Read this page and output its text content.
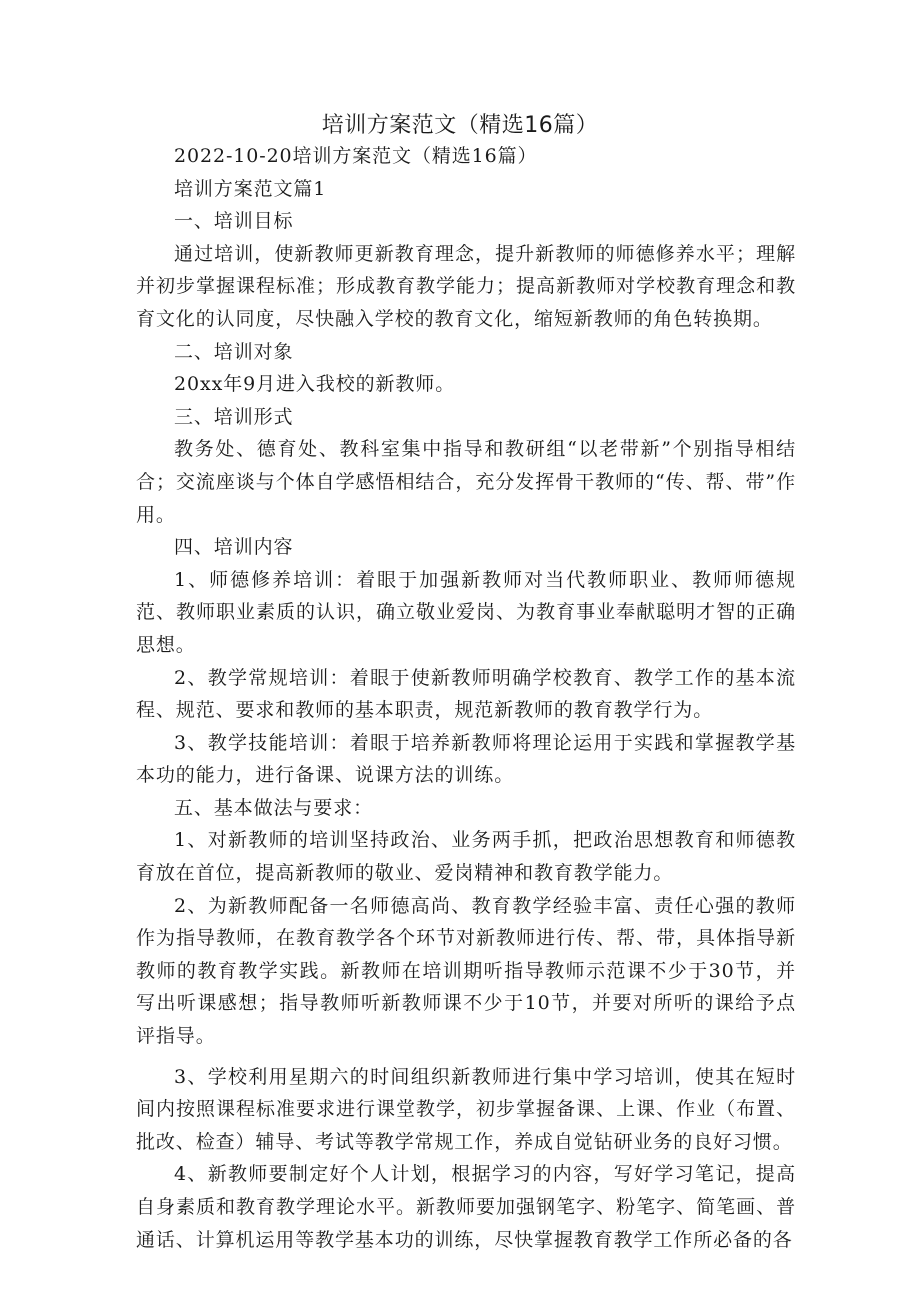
培训方案范文（精选16篇）

2022-10-20培训方案范文（精选16篇）

培训方案范文篇1

一、培训目标

通过培训，使新教师更新教育理念，提升新教师的师德修养水平；理解并初步掌握课程标准；形成教育教学能力；提高新教师对学校教育理念和教育文化的认同度，尽快融入学校的教育文化，缩短新教师的角色转换期。

二、培训对象

20xx年9月进入我校的新教师。

三、培训形式

教务处、德育处、教科室集中指导和教研组“以老带新”个别指导相结合；交流座谈与个体自学感悟相结合，充分发挥骨干教师的“传、帮、带”作用。

四、培训内容

1、师德修养培训：着眼于加强新教师对当代教师职业、教师师德规范、教师职业素质的认识，确立敬业爱岗、为教育事业奉献聪明才智的正确思想。

2、教学常规培训：着眼于使新教师明确学校教育、教学工作的基本流程、规范、要求和教师的基本职责，规范新教师的教育教学行为。

3、教学技能培训：着眼于培养新教师将理论运用于实践和掌握教学基本功的能力，进行备课、说课方法的训练。

五、基本做法与要求：

1、对新教师的培训坚持政治、业务两手抓，把政治思想教育和师德教育放在首位，提高新教师的敬业、爱岗精神和教育教学能力。

2、为新教师配备一名师德高尚、教育教学经验丰富、责任心强的教师作为指导教师，在教育教学各个环节对新教师进行传、帮、带，具体指导新教师的教育教学实践。新教师在培训期听指导教师示范课不少于30节，并写出听课感想；指导教师听新教师课不少于10节，并要对所听的课给予点评指导。

3、学校利用星期六的时间组织新教师进行集中学习培训，使其在短时间内按照课程标准要求进行课堂教学，初步掌握备课、上课、作业（布置、批改、检查）辅导、考试等教学常规工作，养成自觉钻研业务的良好习惯。

4、新教师要制定好个人计划，根据学习的内容，写好学习笔记，提高自身素质和教育教学理论水平。新教师要加强钢笔字、粉笔字、简笔画、普通话、计算机运用等教学基本功的训练，尽快掌握教育教学工作所必备的各
